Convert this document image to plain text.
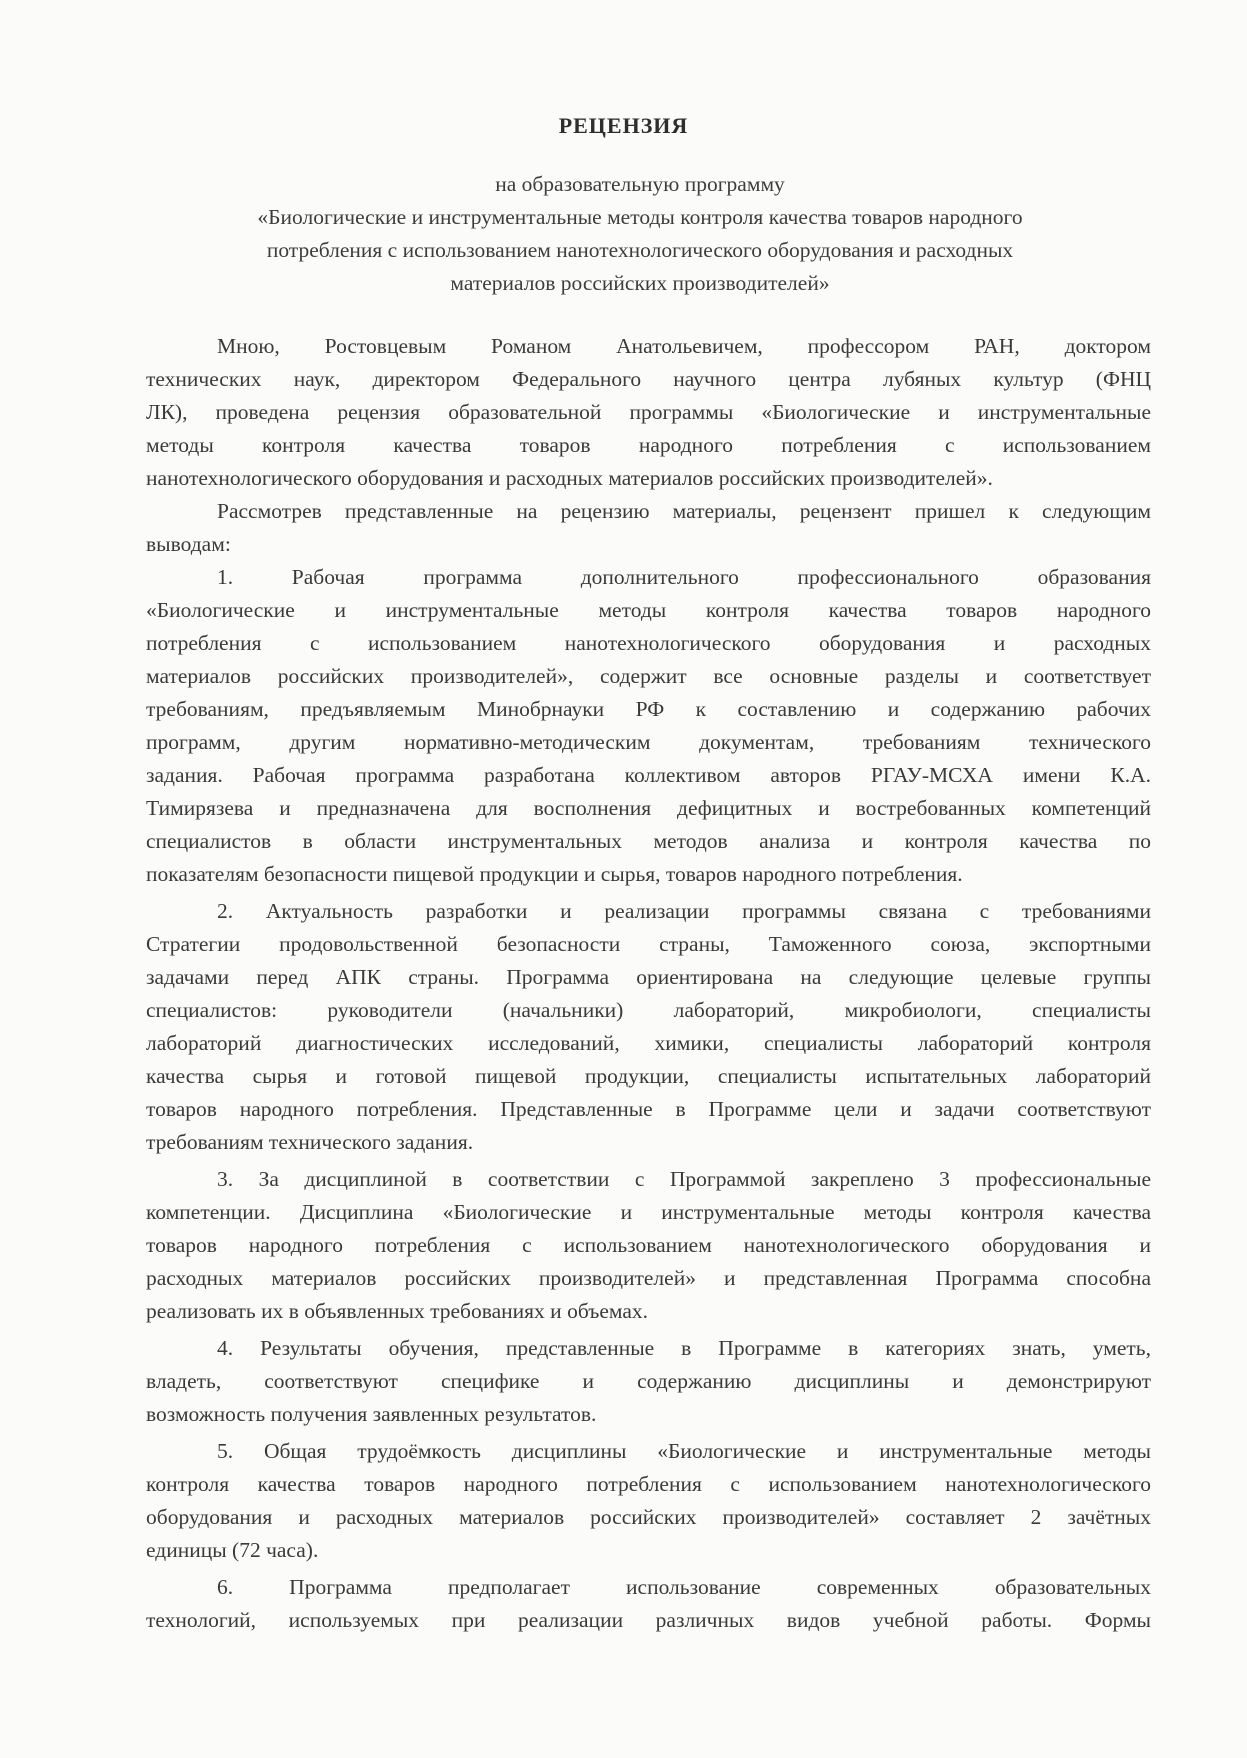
РЕЦЕНЗИЯ
на образовательную программу
«Биологические и инструментальные методы контроля качества товаров народного
потребления с использованием нанотехнологического оборудования и расходных
материалов российских производителей»
Мною, Ростовцевым Романом Анатольевичем, профессором РАН, доктором
технических наук, директором Федерального научного центра лубяных культур (ФНЦ
ЛК), проведена рецензия образовательной программы «Биологические и инструментальные
методы контроля качества товаров народного потребления с использованием
нанотехнологического оборудования и расходных материалов российских производителей».
Рассмотрев представленные на рецензию материалы, рецензент пришел к следующим
выводам:
1. Рабочая программа дополнительного профессионального образования
«Биологические и инструментальные методы контроля качества товаров народного
потребления с использованием нанотехнологического оборудования и расходных
материалов российских производителей», содержит все основные разделы и соответствует
требованиям, предъявляемым Минобрнауки РФ к составлению и содержанию рабочих
программ, другим нормативно-методическим документам, требованиям технического
задания. Рабочая программа разработана коллективом авторов РГАУ-МСХА имени К.А.
Тимирязева и предназначена для восполнения дефицитных и востребованных компетенций
специалистов в области инструментальных методов анализа и контроля качества по
показателям безопасности пищевой продукции и сырья, товаров народного потребления.
2. Актуальность разработки и реализации программы связана с требованиями
Стратегии продовольственной безопасности страны, Таможенного союза, экспортными
задачами перед АПК страны. Программа ориентирована на следующие целевые группы
специалистов: руководители (начальники) лабораторий, микробиологи, специалисты
лабораторий диагностических исследований, химики, специалисты лабораторий контроля
качества сырья и готовой пищевой продукции, специалисты испытательных лабораторий
товаров народного потребления. Представленные в Программе цели и задачи соответствуют
требованиям технического задания.
3. За дисциплиной в соответствии с Программой закреплено 3 профессиональные
компетенции. Дисциплина «Биологические и инструментальные методы контроля качества
товаров народного потребления с использованием нанотехнологического оборудования и
расходных материалов российских производителей» и представленная Программа способна
реализовать их в объявленных требованиях и объемах.
4. Результаты обучения, представленные в Программе в категориях знать, уметь,
владеть, соответствуют специфике и содержанию дисциплины и демонстрируют
возможность получения заявленных результатов.
5. Общая трудоёмкость дисциплины «Биологические и инструментальные методы
контроля качества товаров народного потребления с использованием нанотехнологического
оборудования и расходных материалов российских производителей» составляет 2 зачётных
единицы (72 часа).
6. Программа предполагает использование современных образовательных
технологий, используемых при реализации различных видов учебной работы. Формы
